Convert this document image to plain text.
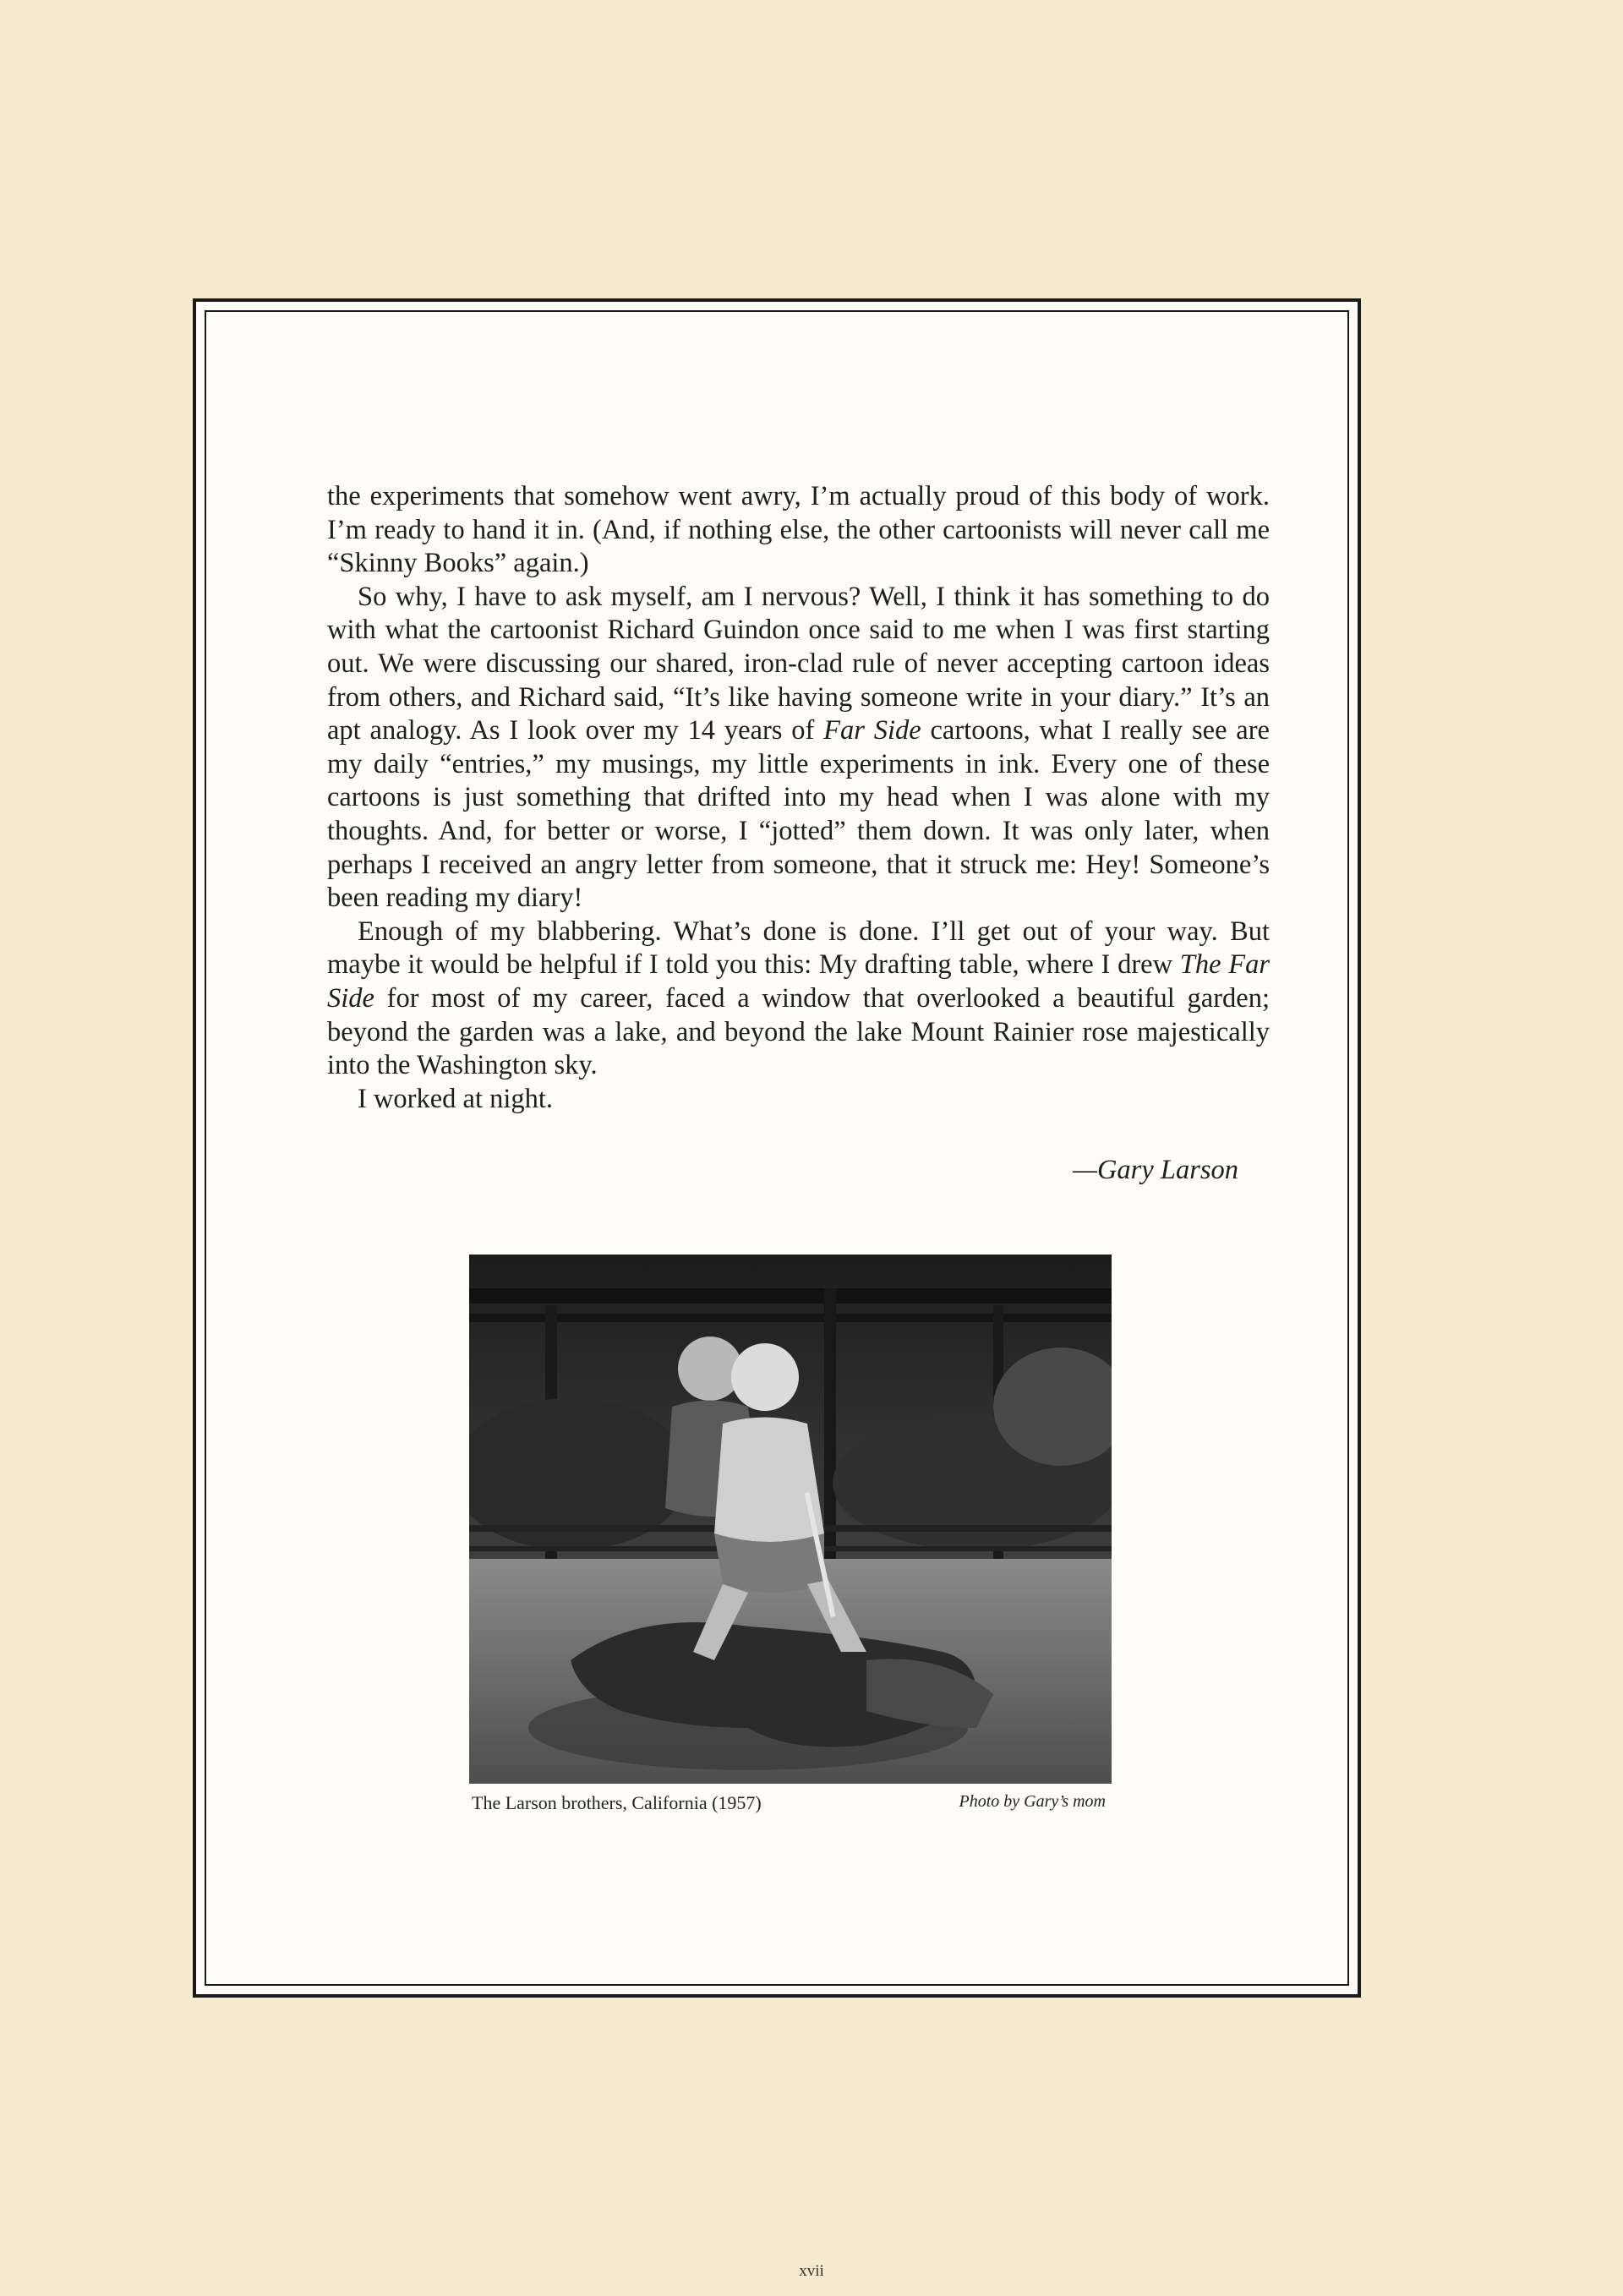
the experiments that somehow went awry, I’m actually proud of this body of work. I’m ready to hand it in. (And, if nothing else, the other cartoonists will never call me “Skinny Books” again.)

So why, I have to ask myself, am I nervous? Well, I think it has something to do with what the cartoonist Richard Guindon once said to me when I was first starting out. We were discussing our shared, iron-clad rule of never accepting cartoon ideas from others, and Richard said, “It’s like having someone write in your diary.” It’s an apt analogy. As I look over my 14 years of Far Side cartoons, what I really see are my daily “entries,” my musings, my little experiments in ink. Every one of these cartoons is just something that drifted into my head when I was alone with my thoughts. And, for better or worse, I “jotted” them down. It was only later, when perhaps I received an angry letter from someone, that it struck me: Hey! Someone’s been reading my diary!

Enough of my blabbering. What’s done is done. I’ll get out of your way. But maybe it would be helpful if I told you this: My drafting table, where I drew The Far Side for most of my career, faced a window that overlooked a beautiful garden; beyond the garden was a lake, and beyond the lake Mount Rainier rose majestically into the Washington sky.

I worked at night.

—Gary Larson
The Larson brothers, California (1957)	Photo by Gary’s mom
xvii
